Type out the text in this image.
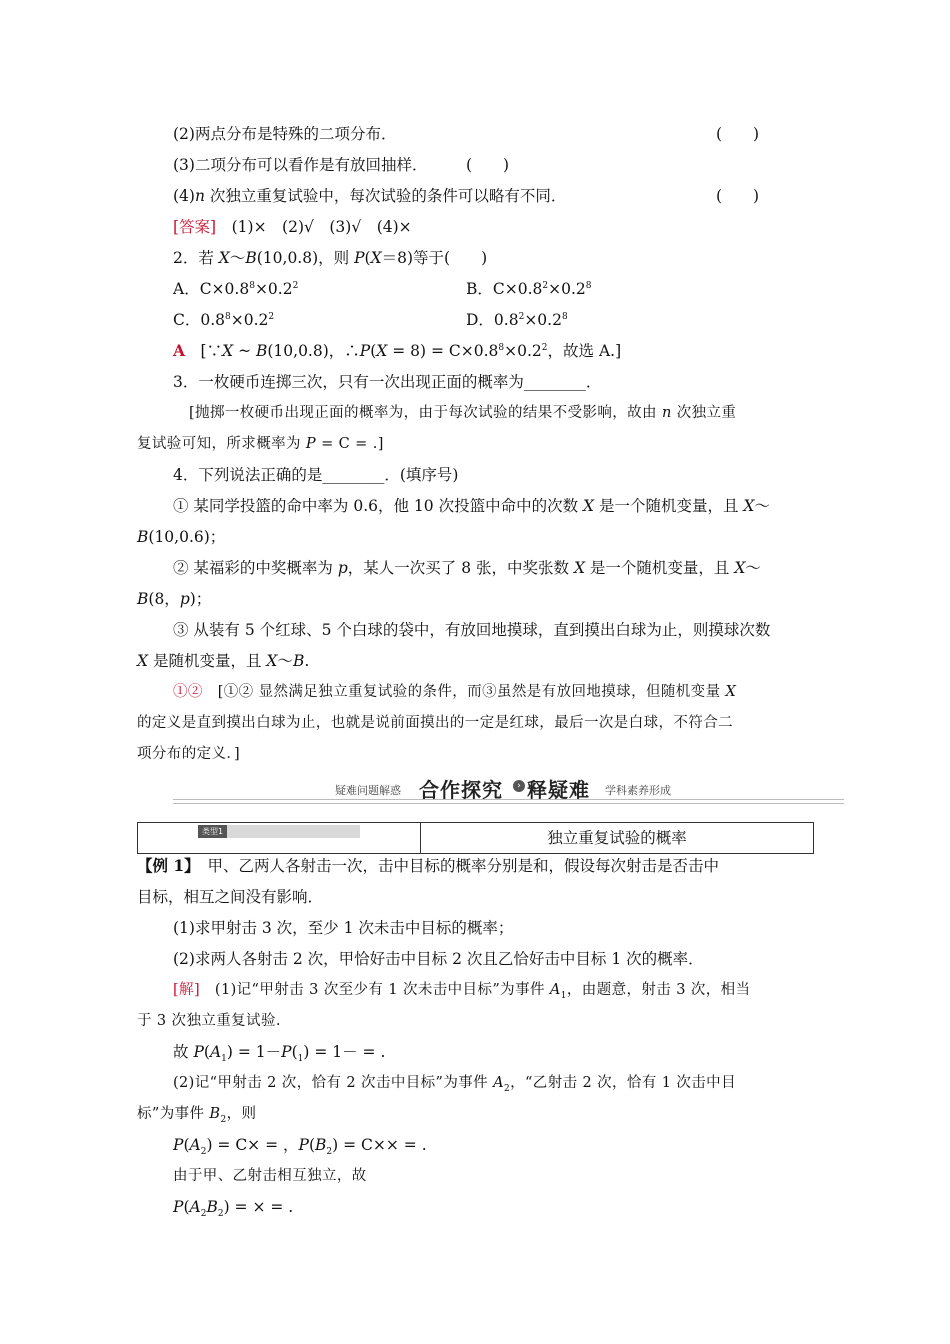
(2)两点分布是特殊的二项分布．	(　　)
(3)二项分布可以看作是有放回抽样．	(　　)
(4)n 次独立重复试验中，每次试验的条件可以略有不同．	(　　)
[答案]　(1)×　(2)√　(3)√　(4)×
2．若 X～B(10,0.8)，则 P(X＝8)等于(　　)
A．$C\times 0.8^8\times 0.2^2$	B．$C\times 0.8^2\times 0.2^8$
C．$0.8^8\times 0.2^2$	D．$0.8^2\times 0.2^8$
A　[∵X ~ B(10,0.8)，∴P(X = $8) = C\times 0.8^8\times 0.2^2$，故选 A.]
3．一枚硬币连掷三次，只有一次出现正面的概率为________．
[抛掷一枚硬币出现正面的概率为，由于每次试验的结果不受影响，故由 n 次独立重
复试验可知，所求概率为 P = C = .]
4．下列说法正确的是________．(填序号)
① 某同学投篮的命中率为 0.6，他 10 次投篮中命中的次数 X 是一个随机变量，且 X～
B(10,0.6)；
② 某福彩的中奖概率为 p，某人一次买了 8 张，中奖张数 X 是一个随机变量，且 X～
B(8，p)；
③ 从装有 5 个红球、5 个白球的袋中，有放回地摸球，直到摸出白球为止，则摸球次数
X 是随机变量，且 X～B.
①②　[①② 显然满足独立重复试验的条件，而③虽然是有放回地摸球，但随机变量 X
的定义是直到摸出白球为止，也就是说前面摸出的一定是红球，最后一次是白球，不符合二
项分布的定义．]
疑难问题解惑 合作探究	› 释疑难 学科素养形成
类型1	独立重复试验的概率
【例 1】　甲、乙两人各射击一次，击中目标的概率分别是和，假设每次射击是否击中
目标，相互之间没有影响．
(1)求甲射击 3 次，至少 1 次未击中目标的概率；
(2)求两人各射击 2 次，甲恰好击中目标 2 次且乙恰好击中目标 1 次的概率．
[解]　(1)记“甲射击 3 次至少有 1 次未击中目标”为事件 $A_1$，由题意，射击 3 次，相当
于 3 次独立重复试验.
故 $P(A_1) = 1-P(_1) = 1-$ = .
(2)记“甲射击 2 次，恰有 2 次击中目标”为事件 $A_2$，“乙射击 2 次，恰有 1 次击中目
标”为事件 $B_2$，则
$P(A_2) = C\times$ = ，$P(B_2) = C\times\times$ = .
由于甲、乙射击相互独立，故
$P(A_2B_2)$ = × = .
